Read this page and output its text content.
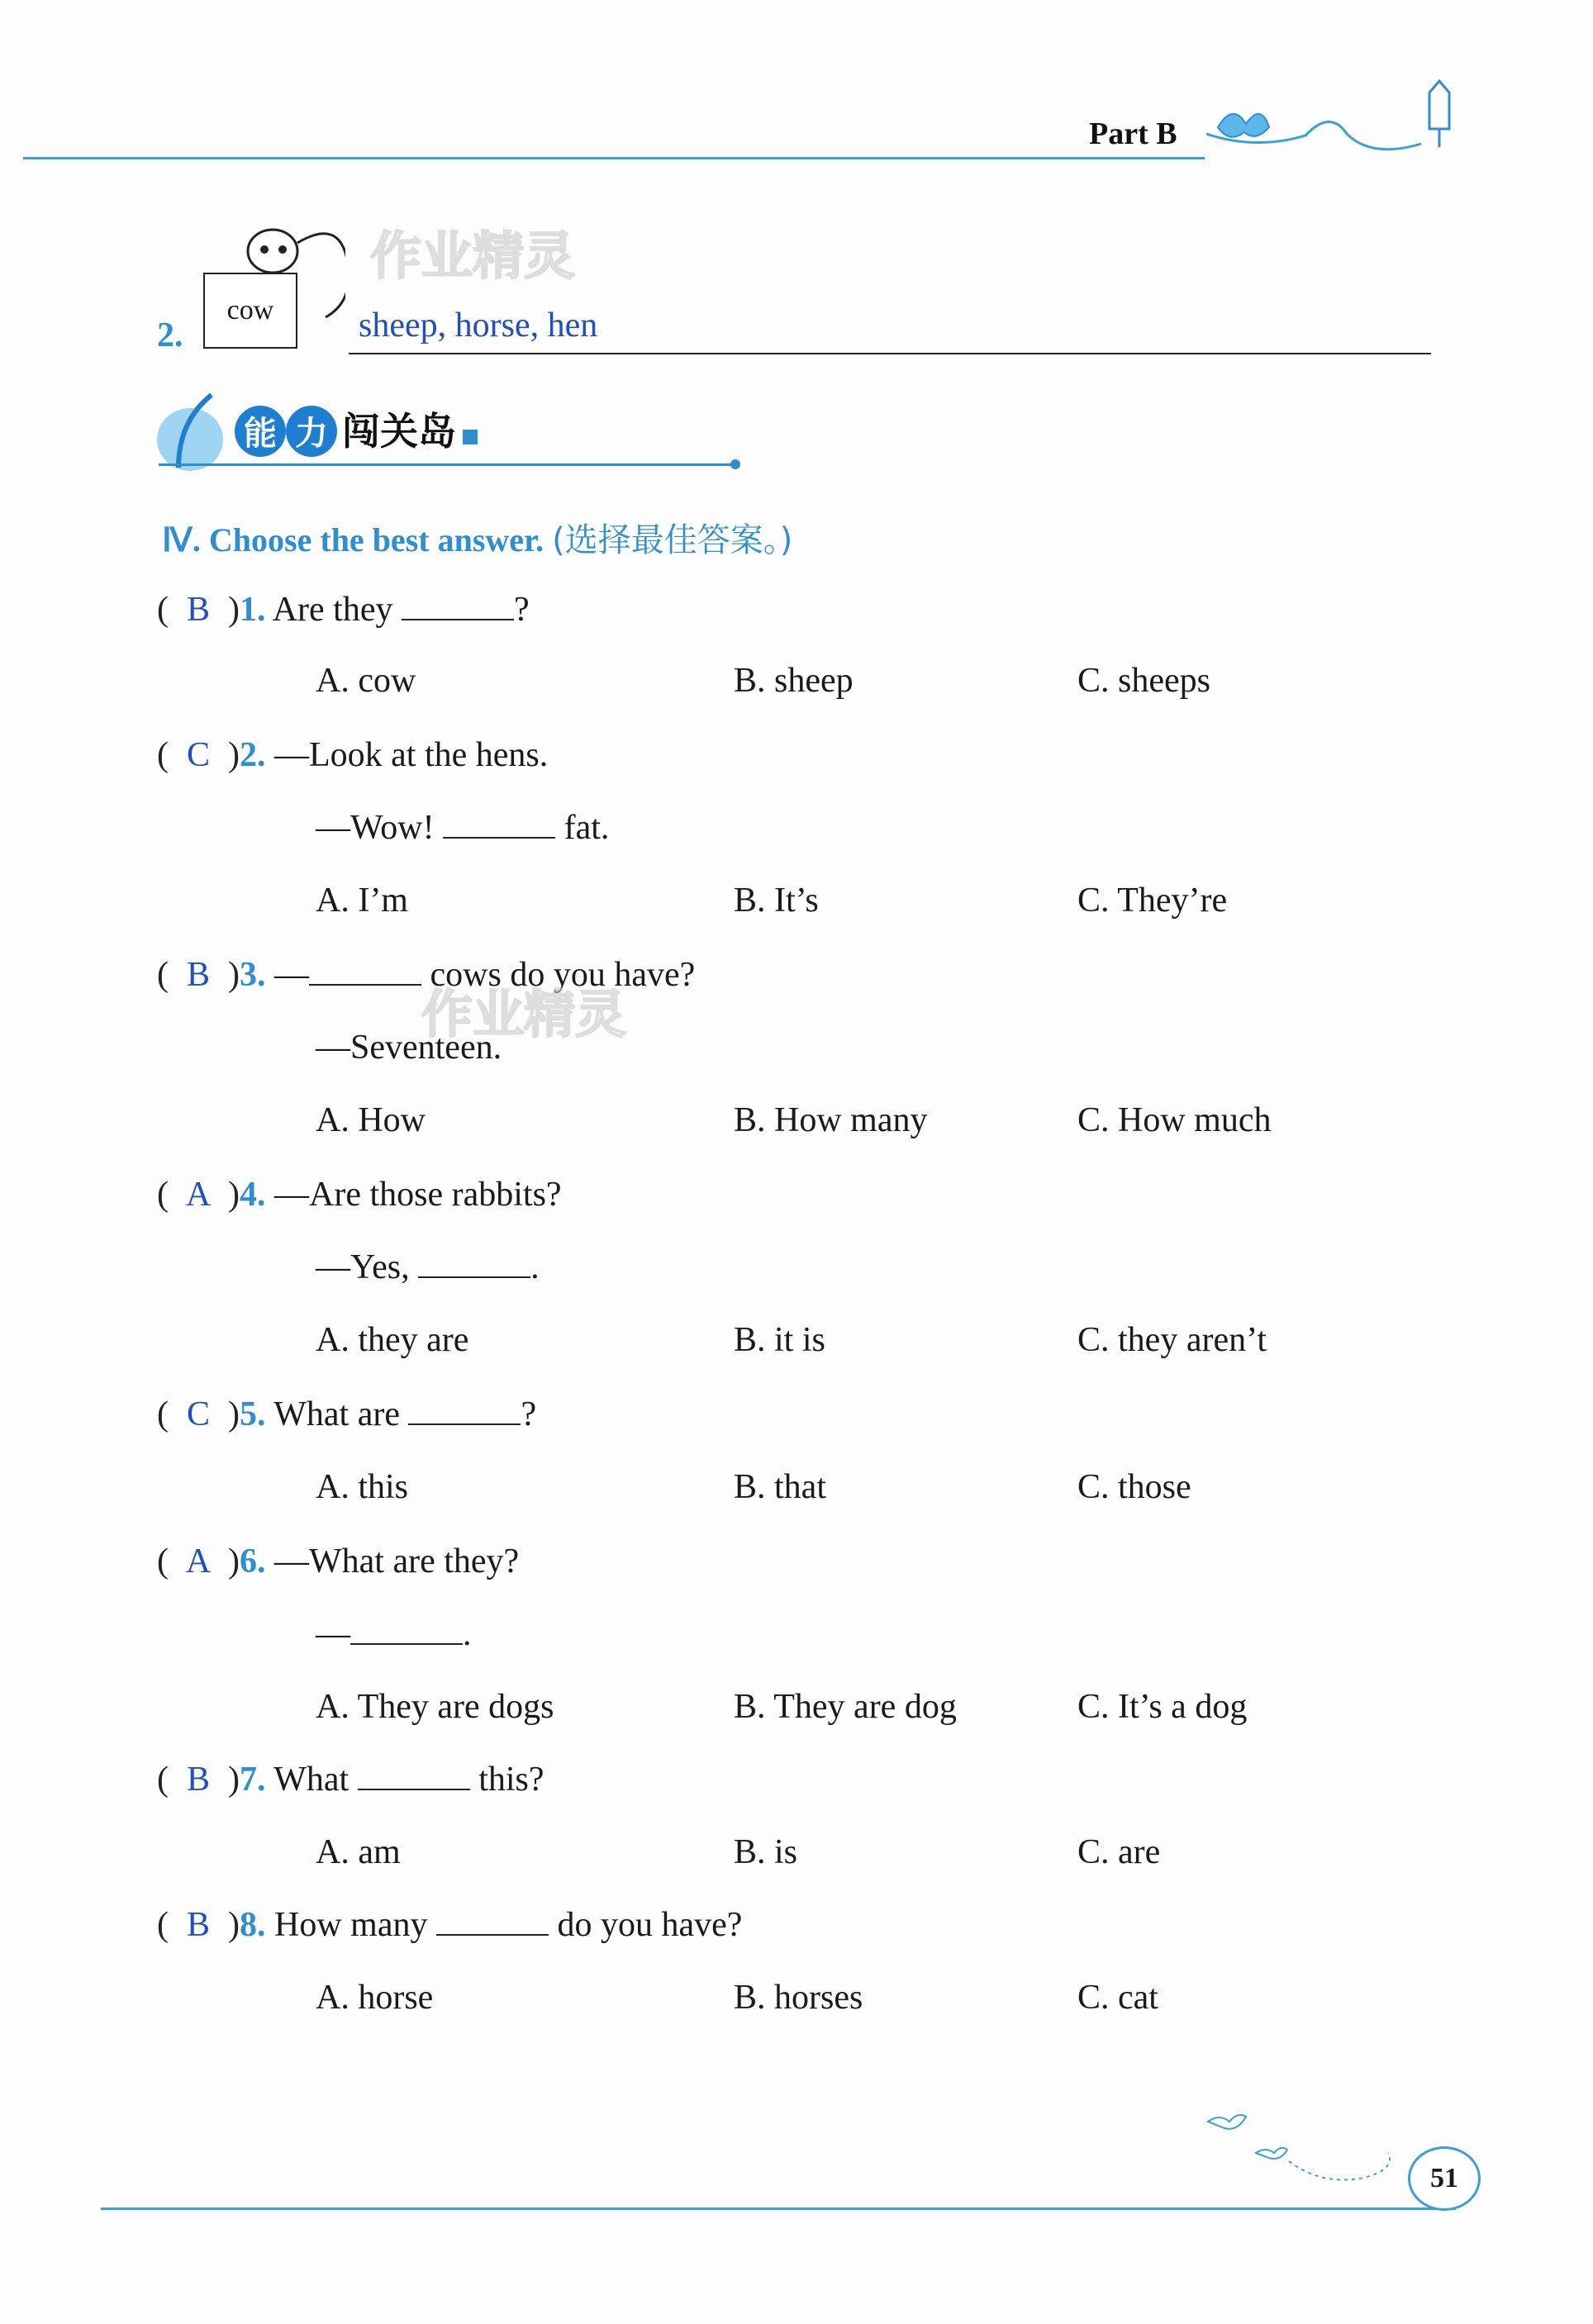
Part B
2.
cow sheep, horse, hen
作业精灵
能 力 闯关岛
Ⅳ. Choose the best answer. (选择最佳答案。)
( B )1. Are they	?
A. cow	B. sheep	C. sheeps
( C )2. —Look at the hens.
—Wow!	fat.
A. I’m	B. It’s	C. They’re
( B )3. —	cows do you have?
作业精灵
—Seventeen.
A. How	B. How many	C. How much
( A )4. —Are those rabbits?
—Yes,	.
A. they are	B. it is	C. they aren’t
( C )5. What are	?
A. this	B. that	C. those
( A )6. —What are they?
—	.
A. They are dogs	B. They are dog	C. It’s a dog
( B )7. What	this?
A. am	B. is	C. are
( B )8. How many	do you have?
A. horse	B. horses	C. cat
51
